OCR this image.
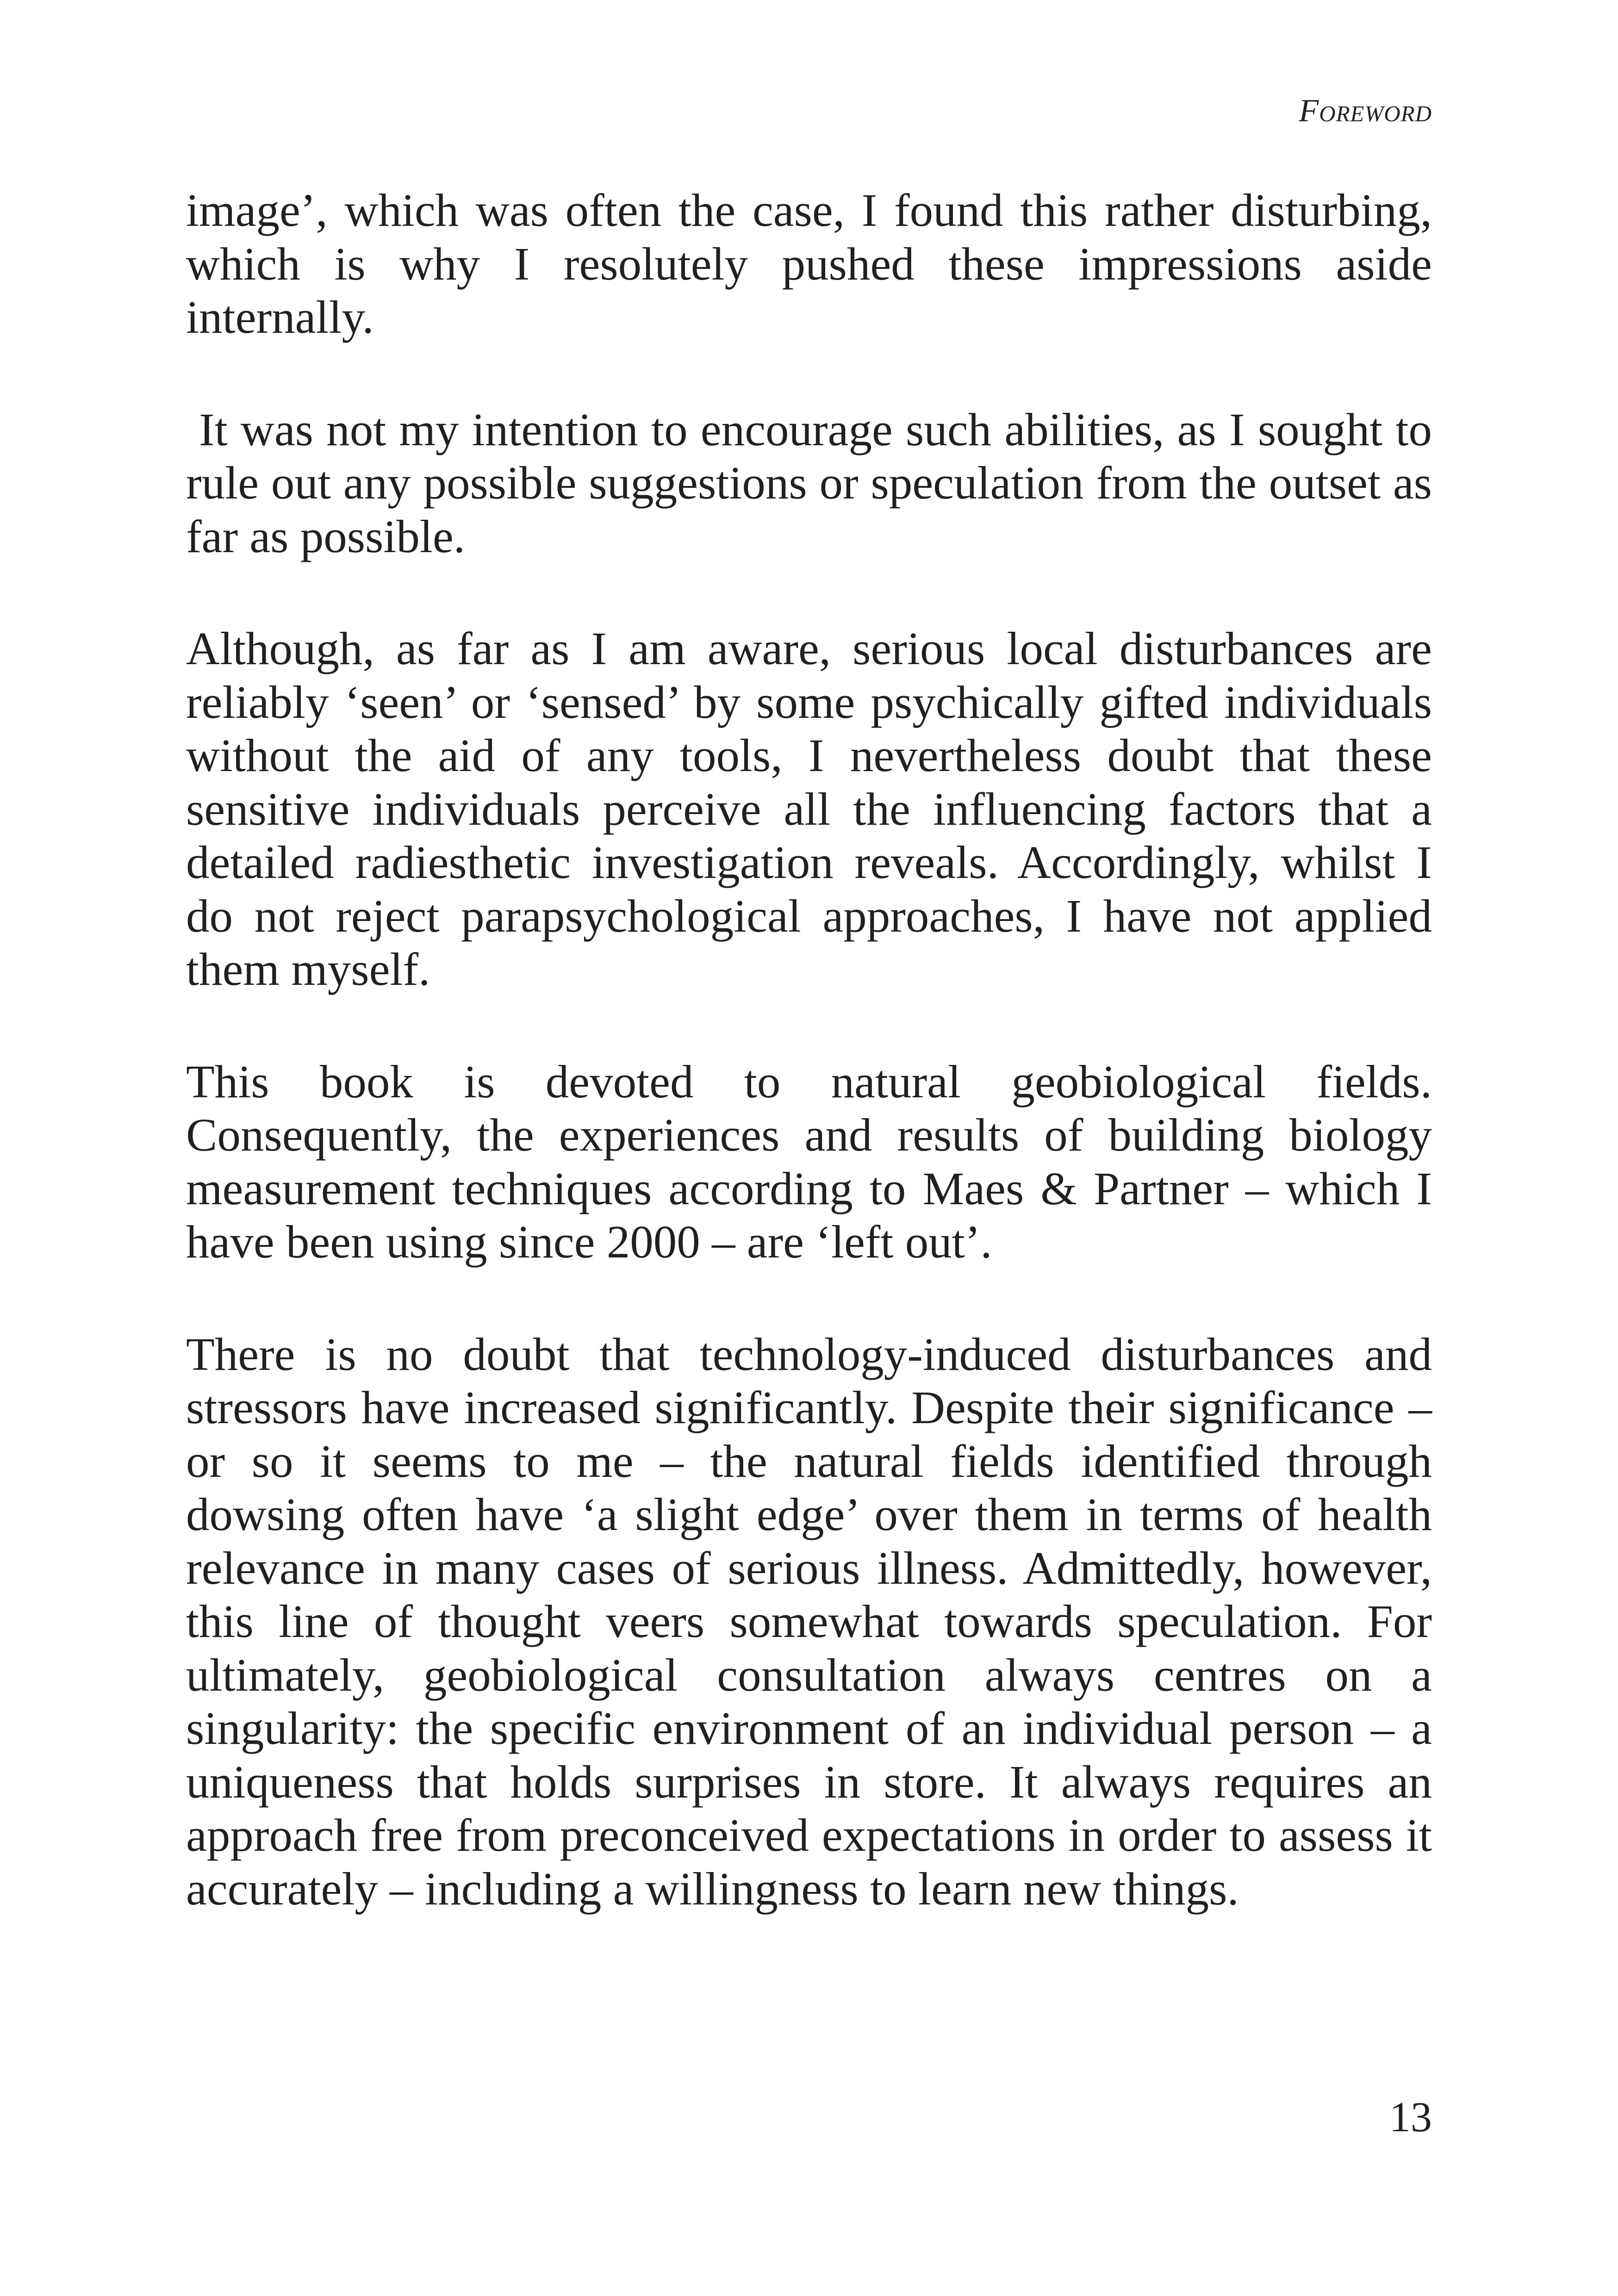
Foreword

image’, which was often the case, I found this rather disturbing, which is why I resolutely pushed these impressions aside internally.

It was not my intention to encourage such abilities, as I sought to rule out any possible suggestions or speculation from the outset as far as possible.

Although, as far as I am aware, serious local disturbances are reliably ‘seen’ or ‘sensed’ by some psychically gifted individuals without the aid of any tools, I nevertheless doubt that these sensitive individuals perceive all the influencing factors that a detailed radiesthetic investigation reveals. Accordingly, whilst I do not reject parapsychological approaches, I have not applied them myself.

This book is devoted to natural geobiological fields. Consequently, the experiences and results of building biology measurement techniques according to Maes & Partner – which I have been using since 2000 – are ‘left out’.

There is no doubt that technology-induced disturbances and stressors have increased significantly. Despite their significance – or so it seems to me – the natural fields identified through dowsing often have ‘a slight edge’ over them in terms of health relevance in many cases of serious illness. Admittedly, however, this line of thought veers somewhat towards speculation. For ultimately, geobiological consultation always centres on a singularity: the specific environment of an individual person – a uniqueness that holds surprises in store. It always requires an approach free from preconceived expectations in order to assess it accurately – including a willingness to learn new things.

13
